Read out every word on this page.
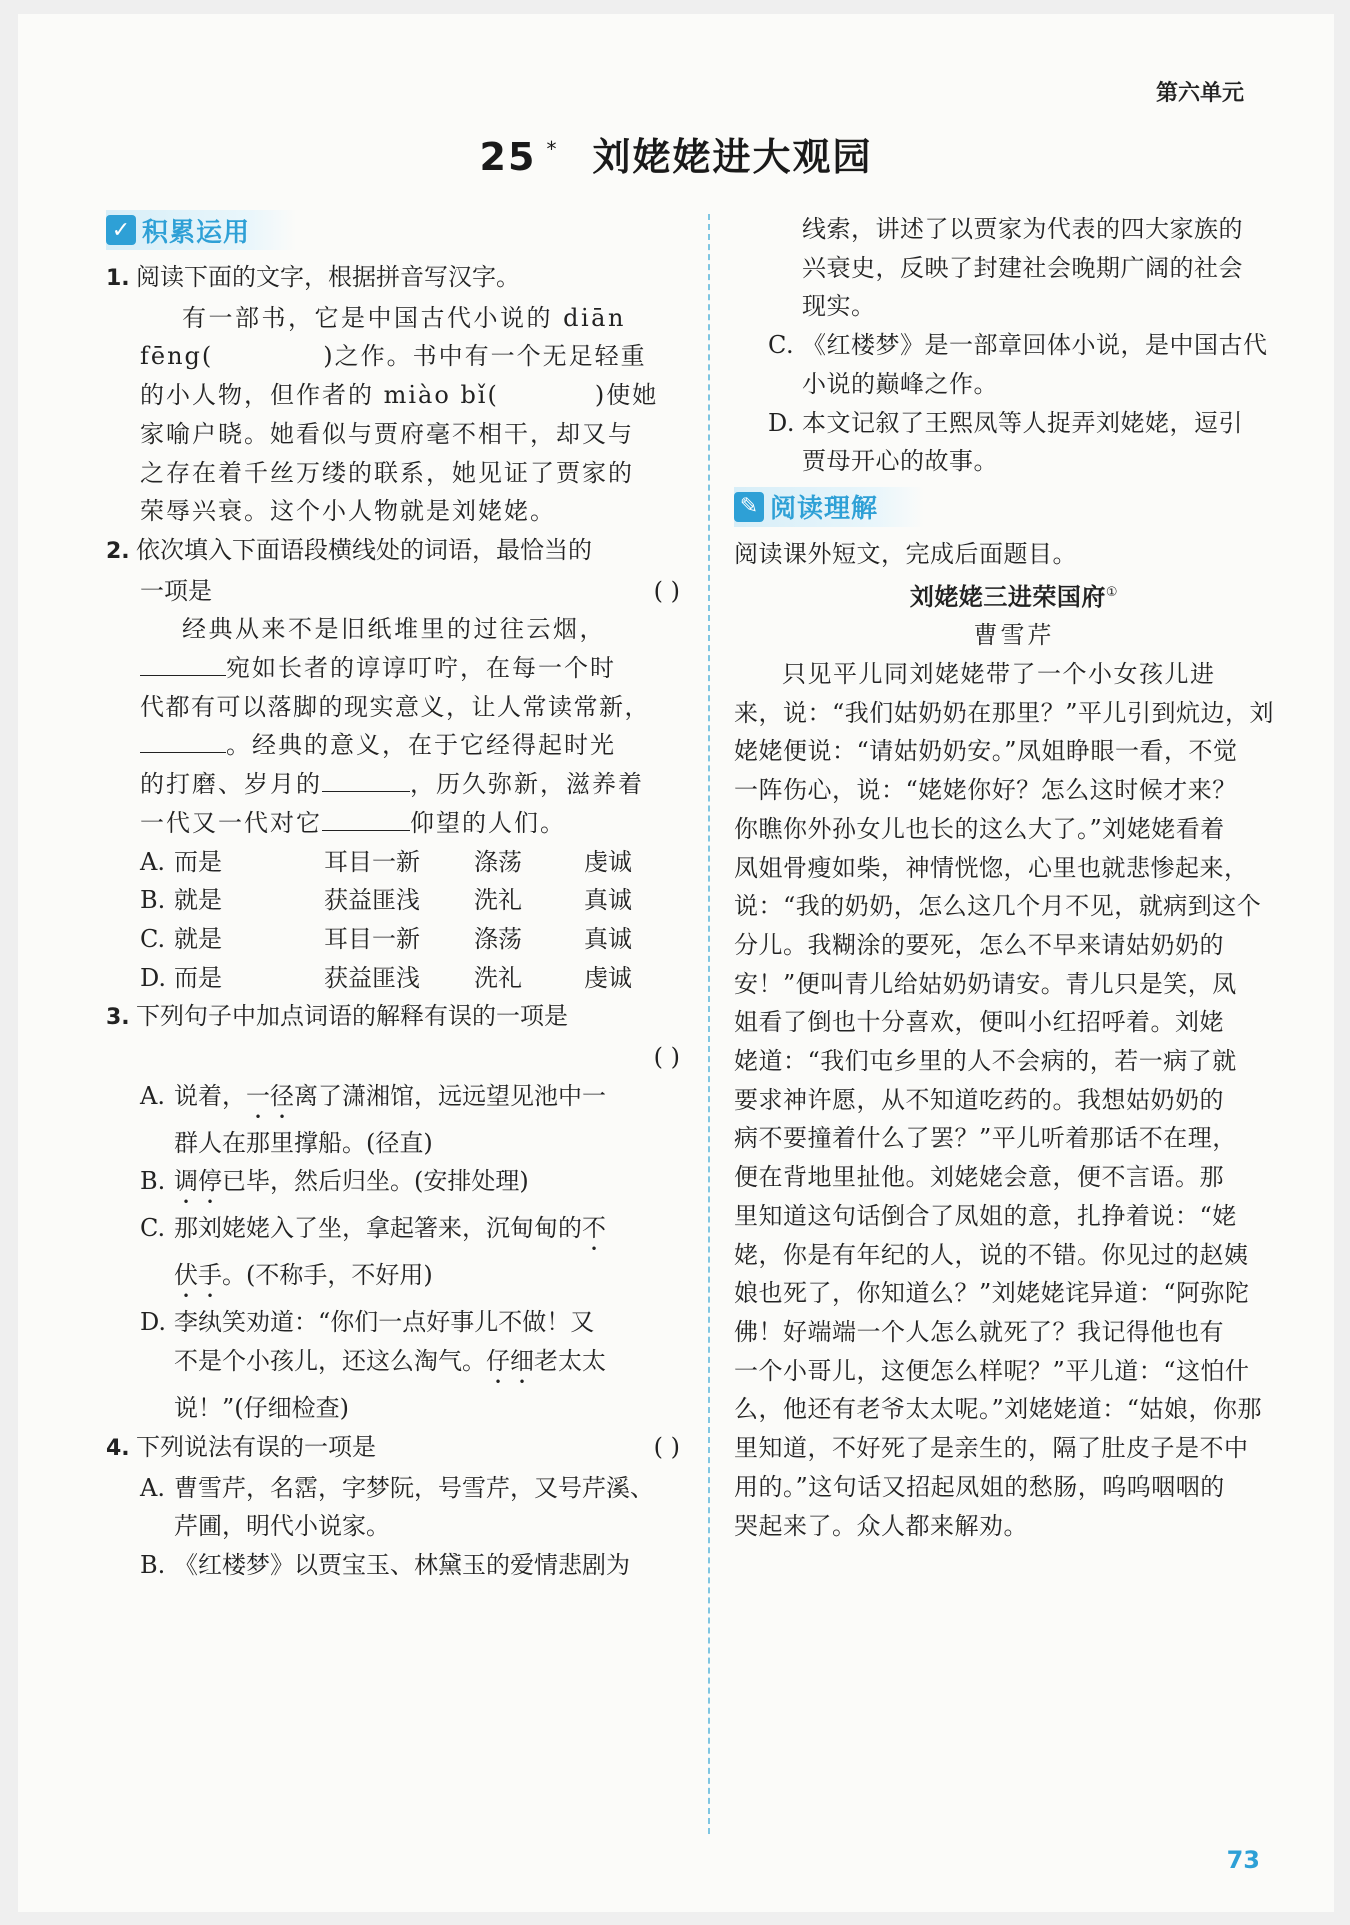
第六单元
25 * 刘姥姥进大观园
✓ 积累运用
1. 阅读下面的文字，根据拼音写汉字。
有一部书，它是中国古代小说的 diān
fēng(	)之作。书中有一个无足轻重
的小人物，但作者的 miào bǐ(	)使她
家喻户晓。她看似与贾府毫不相干，却又与
之存在着千丝万缕的联系，她见证了贾家的
荣辱兴衰。这个小人物就是刘姥姥。
2. 依次填入下面语段横线处的词语，最恰当的
一项是	( )
经典从来不是旧纸堆里的过往云烟，
宛如长者的谆谆叮咛，在每一个时
代都有可以落脚的现实意义，让人常读常新，
。经典的意义，在于它经得起时光
的打磨、岁月的	，历久弥新，滋养着
一代又一代对它	仰望的人们。
A. 而是	耳目一新 涤荡	虔诚
B. 就是	获益匪浅 洗礼	真诚
C. 就是	耳目一新 涤荡	真诚
D. 而是	获益匪浅 洗礼	虔诚
3. 下列句子中加点词语的解释有误的一项是
( )

A. 说着，一径离了潇湘馆，远远望见池中一
群人在那里撑船。(径直)
B. 调停已毕，然后归坐。(安排处理)
C. 那刘姥姥入了坐，拿起箸来，沉甸甸的不
伏手。(不称手，不好用)
D. 李纨笑劝道：“你们一点好事儿不做！又
不是个小孩儿，还这么淘气。仔细老太太
说！”(仔细检查)
4. 下列说法有误的一项是	( )
A. 曹雪芹，名霑，字梦阮，号雪芹，又号芹溪、
芹圃，明代小说家。
B. 《红楼梦》以贾宝玉、林黛玉的爱情悲剧为
线索，讲述了以贾家为代表的四大家族的
兴衰史，反映了封建社会晚期广阔的社会
现实。
C. 《红楼梦》是一部章回体小说，是中国古代
小说的巅峰之作。
D. 本文记叙了王熙凤等人捉弄刘姥姥，逗引
贾母开心的故事。
✎ 阅读理解
阅读课外短文，完成后面题目。
刘姥姥三进荣国府①
曹雪芹
只见平儿同刘姥姥带了一个小女孩儿进
来，说：“我们姑奶奶在那里？”平儿引到炕边，刘
姥姥便说：“请姑奶奶安。”凤姐睁眼一看，不觉
一阵伤心，说：“姥姥你好？怎么这时候才来？
你瞧你外孙女儿也长的这么大了。”刘姥姥看着
凤姐骨瘦如柴，神情恍惚，心里也就悲惨起来，
说：“我的奶奶，怎么这几个月不见，就病到这个
分儿。我糊涂的要死，怎么不早来请姑奶奶的
安！”便叫青儿给姑奶奶请安。青儿只是笑，凤
姐看了倒也十分喜欢，便叫小红招呼着。刘姥
姥道：“我们屯乡里的人不会病的，若一病了就
要求神许愿，从不知道吃药的。我想姑奶奶的
病不要撞着什么了罢？”平儿听着那话不在理，
便在背地里扯他。刘姥姥会意，便不言语。那
里知道这句话倒合了凤姐的意，扎挣着说：“姥
姥，你是有年纪的人，说的不错。你见过的赵姨
娘也死了，你知道么？”刘姥姥诧异道：“阿弥陀
佛！好端端一个人怎么就死了？我记得他也有
一个小哥儿，这便怎么样呢？”平儿道：“这怕什
么，他还有老爷太太呢。”刘姥姥道：“姑娘，你那
里知道，不好死了是亲生的，隔了肚皮子是不中
用的。”这句话又招起凤姐的愁肠，呜呜咽咽的
哭起来了。众人都来解劝。
73
